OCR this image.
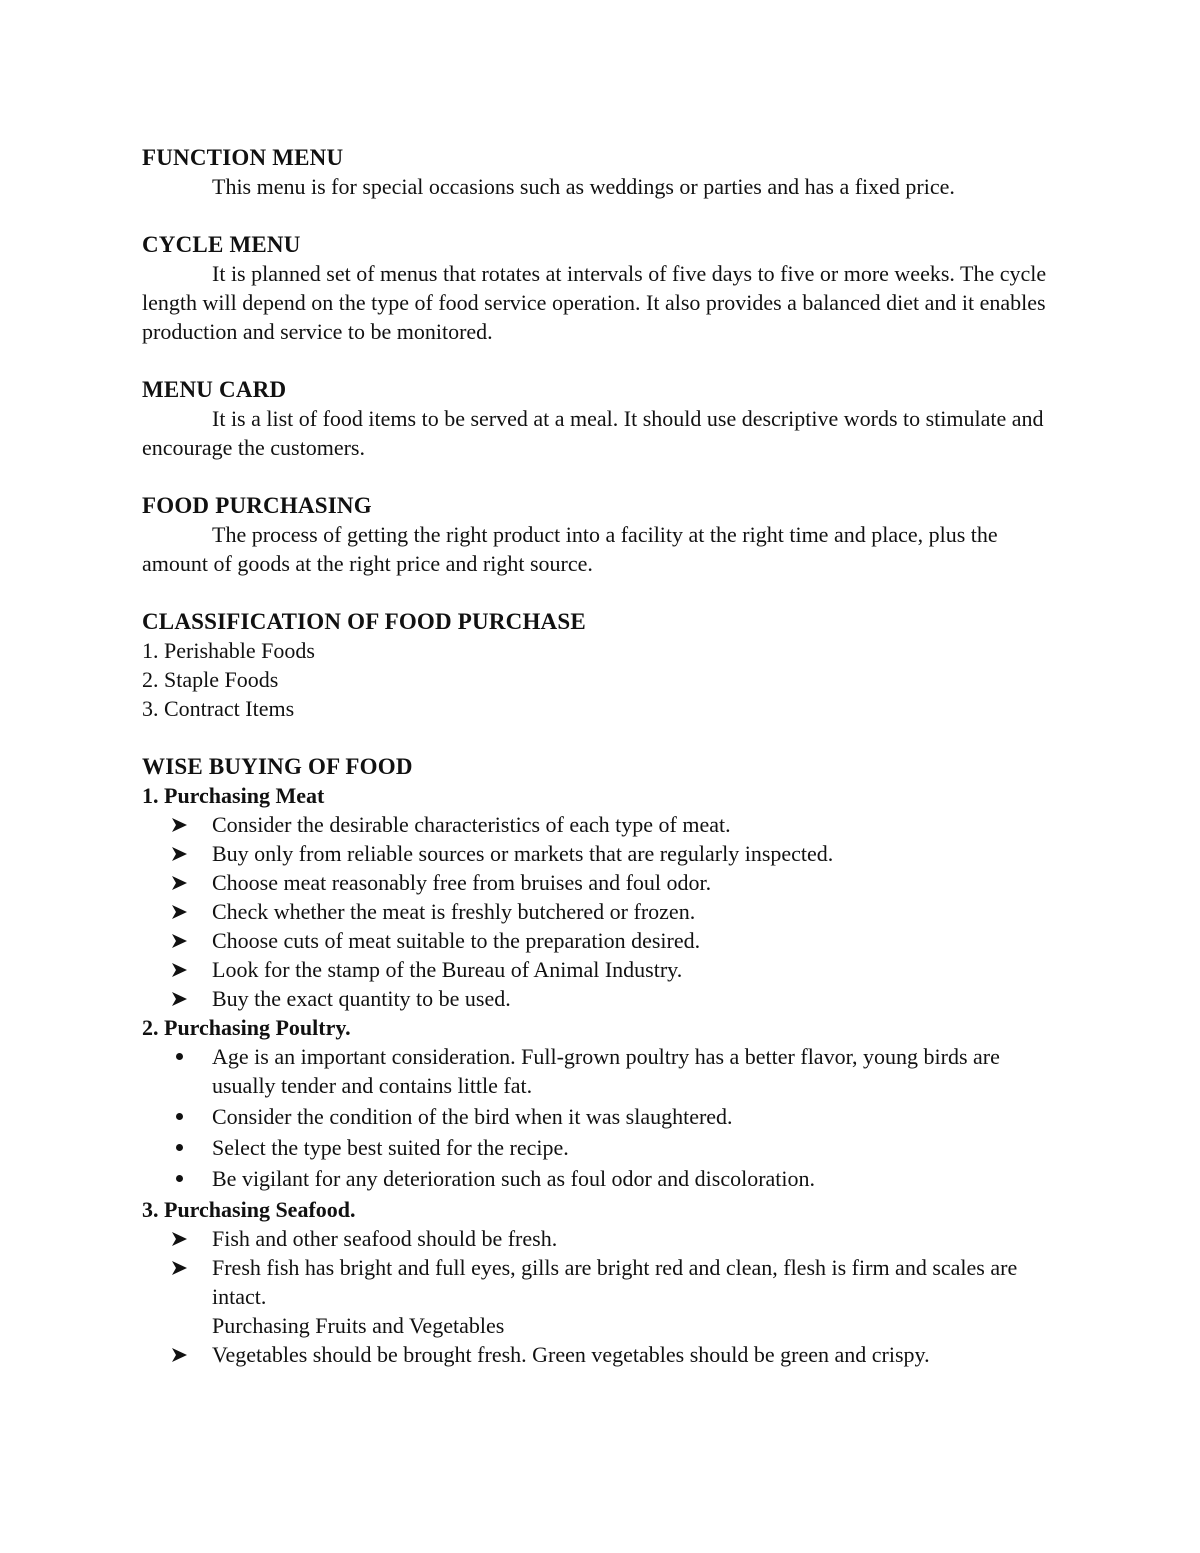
FUNCTION MENU
This menu is for special occasions such as weddings or parties and has a fixed price.
CYCLE MENU
It is planned set of menus that rotates at intervals of five days to five or more weeks. The cycle length will depend on the type of food service operation. It also provides a balanced diet and it enables production and service to be monitored.
MENU CARD
It is a list of food items to be served at a meal. It should use descriptive words to stimulate and encourage the customers.
FOOD PURCHASING
The process of getting the right product into a facility at the right time and place, plus the amount of goods at the right price and right source.
CLASSIFICATION OF FOOD PURCHASE
1. Perishable Foods
2. Staple Foods
3. Contract Items
WISE BUYING OF FOOD
1. Purchasing Meat
Consider the desirable characteristics of each type of meat.
Buy only from reliable sources or markets that are regularly inspected.
Choose meat reasonably free from bruises and foul odor.
Check whether the meat is freshly butchered or frozen.
Choose cuts of meat suitable to the preparation desired.
Look for the stamp of the Bureau of Animal Industry.
Buy the exact quantity to be used.
2. Purchasing Poultry.
Age is an important consideration. Full-grown poultry has a better flavor, young birds are usually tender and contains little fat.
Consider the condition of the bird when it was slaughtered.
Select the type best suited for the recipe.
Be vigilant for any deterioration such as foul odor and discoloration.
3. Purchasing Seafood.
Fish and other seafood should be fresh.
Fresh fish has bright and full eyes, gills are bright red and clean, flesh is firm and scales are intact.
Purchasing Fruits and Vegetables
Vegetables should be brought fresh. Green vegetables should be green and crispy.
